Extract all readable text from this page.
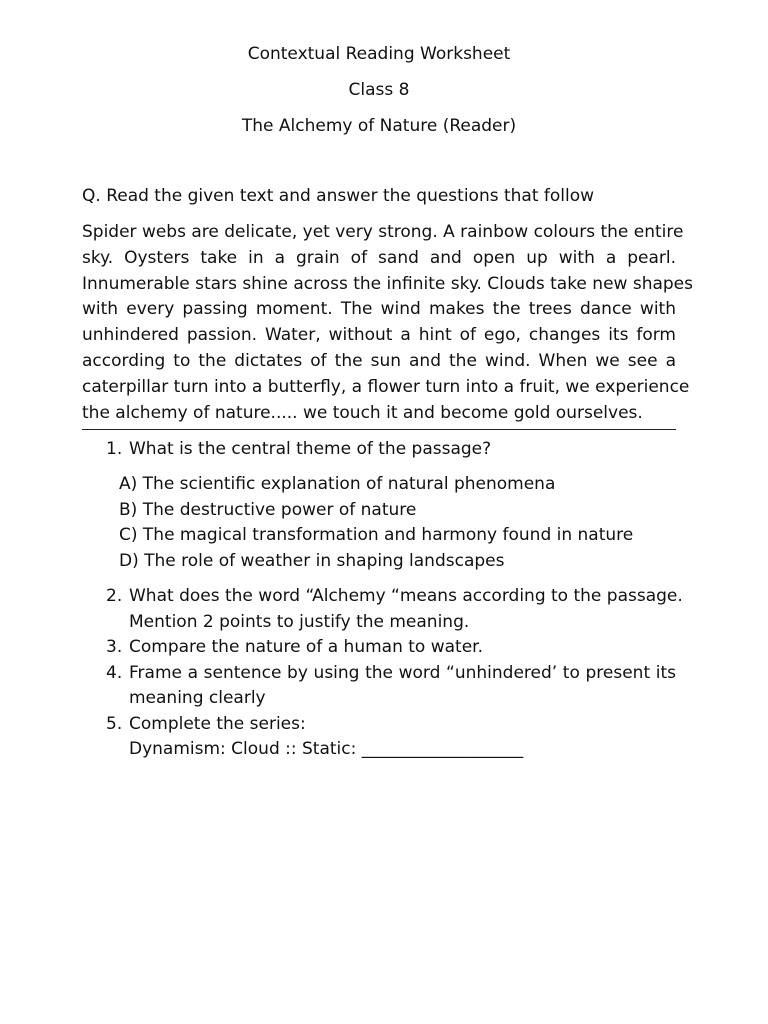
Contextual Reading Worksheet
Class 8
The Alchemy of Nature (Reader)
Q. Read the given text and answer the questions that follow
Spider webs are delicate, yet very strong. A rainbow colours the entire
sky. Oysters take in a grain of sand and open up with a pearl.
Innumerable stars shine across the infinite sky. Clouds take new shapes
with every passing moment. The wind makes the trees dance with
unhindered passion. Water, without a hint of ego, changes its form
according to the dictates of the sun and the wind. When we see a
caterpillar turn into a butterfly, a flower turn into a fruit, we experience
the alchemy of nature..... we touch it and become gold ourselves.
1. What is the central theme of the passage?
A) The scientific explanation of natural phenomena
B) The destructive power of nature
C) The magical transformation and harmony found in nature
D) The role of weather in shaping landscapes
2. What does the word “Alchemy “means according to the passage.
Mention 2 points to justify the meaning.
3. Compare the nature of a human to water.
4. Frame a sentence by using the word “unhindered’ to present its
meaning clearly
5. Complete the series:
Dynamism: Cloud :: Static: ___________________
